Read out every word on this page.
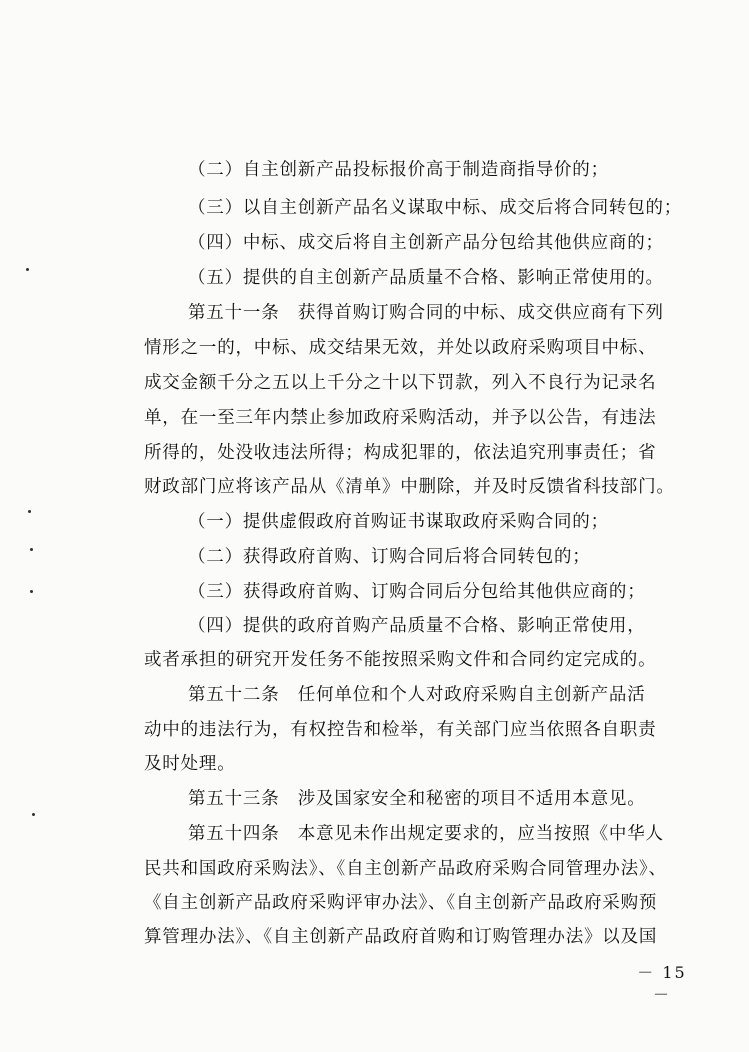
（二）自主创新产品投标报价高于制造商指导价的；
（三）以自主创新产品名义谋取中标、成交后将合同转包的；
（四）中标、成交后将自主创新产品分包给其他供应商的；
（五）提供的自主创新产品质量不合格、影响正常使用的。
第五十一条　获得首购订购合同的中标、成交供应商有下列
情形之一的，中标、成交结果无效，并处以政府采购项目中标、
成交金额千分之五以上千分之十以下罚款，列入不良行为记录名
单，在一至三年内禁止参加政府采购活动，并予以公告，有违法
所得的，处没收违法所得；构成犯罪的，依法追究刑事责任；省
财政部门应将该产品从《清单》中删除，并及时反馈省科技部门。
（一）提供虚假政府首购证书谋取政府采购合同的；
（二）获得政府首购、订购合同后将合同转包的；
（三）获得政府首购、订购合同后分包给其他供应商的；
（四）提供的政府首购产品质量不合格、影响正常使用，
或者承担的研究开发任务不能按照采购文件和合同约定完成的。
第五十二条　任何单位和个人对政府采购自主创新产品活
动中的违法行为，有权控告和检举，有关部门应当依照各自职责
及时处理。
第五十三条　涉及国家安全和秘密的项目不适用本意见。
第五十四条　本意见未作出规定要求的，应当按照《中华人
民共和国政府采购法》、《自主创新产品政府采购合同管理办法》、
《自主创新产品政府采购评审办法》、《自主创新产品政府采购预
算管理办法》、《自主创新产品政府首购和订购管理办法》以及国
－ 15 －
